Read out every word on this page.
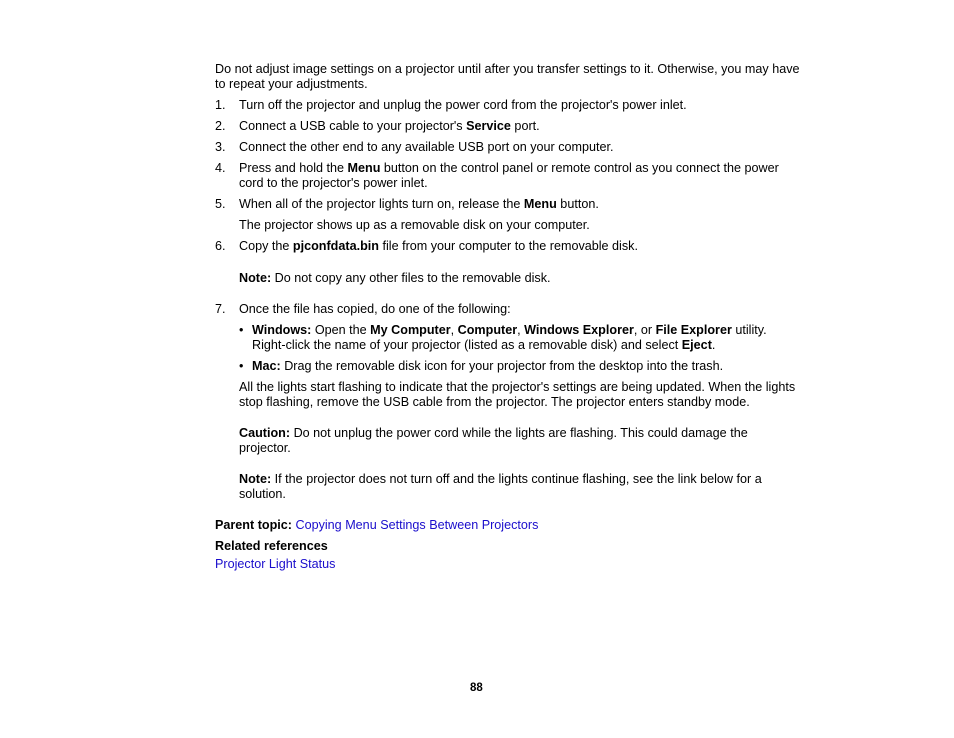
Do not adjust image settings on a projector until after you transfer settings to it. Otherwise, you may have
to repeat your adjustments.
1. Turn off the projector and unplug the power cord from the projector's power inlet.
2. Connect a USB cable to your projector's Service port.
3. Connect the other end to any available USB port on your computer.
4. Press and hold the Menu button on the control panel or remote control as you connect the power
cord to the projector's power inlet.
5. When all of the projector lights turn on, release the Menu button.
The projector shows up as a removable disk on your computer.
6. Copy the pjconfdata.bin file from your computer to the removable disk.
Note: Do not copy any other files to the removable disk.
7. Once the file has copied, do one of the following:
• Windows: Open the My Computer, Computer, Windows Explorer, or File Explorer utility.
Right-click the name of your projector (listed as a removable disk) and select Eject.
• Mac: Drag the removable disk icon for your projector from the desktop into the trash.
All the lights start flashing to indicate that the projector's settings are being updated. When the lights
stop flashing, remove the USB cable from the projector. The projector enters standby mode.
Caution: Do not unplug the power cord while the lights are flashing. This could damage the
projector.
Note: If the projector does not turn off and the lights continue flashing, see the link below for a
solution.
Parent topic: Copying Menu Settings Between Projectors
Related references
Projector Light Status
88
